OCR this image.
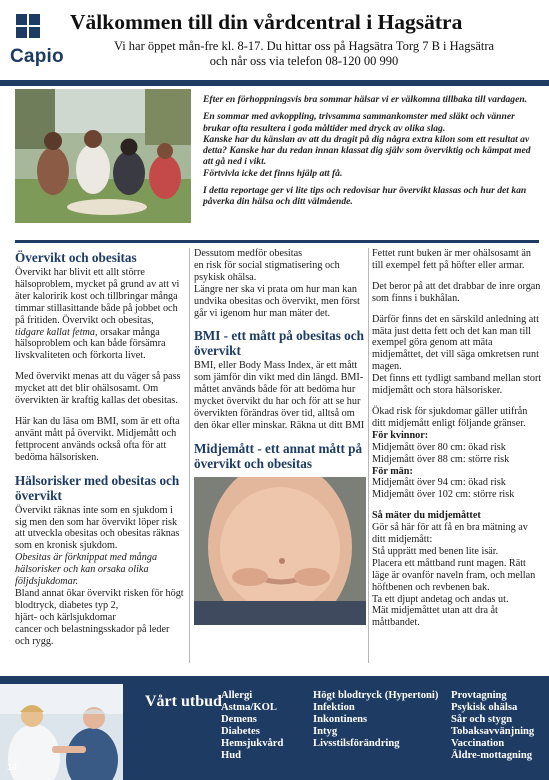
Capio
Välkommen till din vårdcentral i Hagsätra
Vi har öppet mån-fre kl. 8-17. Du hittar oss på Hagsätra Torg 7 B i Hagsätra
och når oss via telefon 08-120 00 990

Efter en förhoppningsvis bra sommar hälsar vi er välkomna tillbaka till vardagen.

En sommar med avkoppling, trivsamma sammankomster med släkt och vänner brukar ofta resultera i goda måltider med dryck av olika slag.
Kanske har du känslan av att du dragit på dig några extra kilon som ett resultat av detta? Kanske har du redan innan klassat dig själv som överviktig och kämpat med att gå ned i vikt.
Förtvivla icke det finns hjälp att få.

I detta reportage ger vi lite tips och redovisar hur övervikt klassas och hur det kan påverka din hälsa och ditt välmående.

Övervikt och obesitas

Övervikt har blivit ett allt större hälsoproblem, mycket på grund av att vi äter kaloririk kost och tillbringar många timmar stillasittande både på jobbet och på fritiden. Övervikt och obesitas, tidgare kallat fetma, orsakar många hälsoproblem och kan både försämra livskvaliteten och förkorta livet.

Med övervikt menas att du väger så pass mycket att det blir ohälsosamt. Om övervikten är kraftig kallas det obesitas.

Här kan du läsa om BMI, som är ett ofta använt mått på övervikt. Midjemått och fettprocent används också ofta för att bedöma hälsorisken.

Hälsorisker med obesitas och övervikt
Övervikt räknas inte som en sjukdom i sig men den som har övervikt löper risk att utveckla obesitas och obesitas räknas som en kronisk sjukdom.
Obesitas är förknippat med många hälsorisker och kan orsaka olika följdsjukdomar.
Bland annat ökar övervikt risken för högt blodtryck, diabetes typ 2,
hjärt- och kärlsjukdomar
cancer och belastningsskador på leder och rygg.
Dessutom medför obesitas
en risk för social stigmatisering och psykisk ohälsa.
Längre ner ska vi prata om hur man kan undvika obesitas och övervikt, men först går vi igenom hur man mäter det.
BMI - ett mått på obesitas och övervikt

BMI, eller Body Mass Index, är ett mått som jämför din vikt med din längd. BMI-måttet används både för att bedöma hur mycket övervikt du har och för att se hur övervikten förändras över tid, alltså om den ökar eller minskar. Räkna ut ditt BMI

Midjemått - ett annat mått på övervikt och obesitas

Fettet runt buken är mer ohälsosamt än till exempel fett på höfter eller armar.

Det beror på att det drabbar de inre organ som finns i bukhålan.

Därför finns det en särskild anledning att mäta just detta fett och det kan man till exempel göra genom att mäta midjemåttet, det vill säga omkretsen runt magen.
Det finns ett tydligt samband mellan stort midjemått och stora hälsorisker.
Ökad risk för sjukdomar gäller utifrån ditt midjemått enligt följande gränser.
För kvinnor:
Midjemått över 80 cm: ökad risk
Midjemått över 88 cm: större risk
För män:
Midjemått över 94 cm: ökad risk
Midjemått över 102 cm: större risk
Så mäter du midjemåttet
Gör så här för att få en bra mätning av ditt midjemått:
Stå upprätt med benen lite isär.
Placera ett måttband runt magen. Rätt läge är ovanför naveln fram, och mellan höftbenen och revbenen bak.
Ta ett djupt andetag och andas ut.
Mät midjemåttet utan att dra åt måttbandet.
Vårt utbud Allergi
Astma/KOL
Demens
Diabetes
Hemsjukvård
Hud
Högt blodtryck (Hypertoni)
Infektion
Inkontinens
Intyg
Livsstilsförändring
Provtagning
Psykisk ohälsa
Sår och stygn
Tobaksavvänjning
Vaccination
Äldre-mottagning
14
